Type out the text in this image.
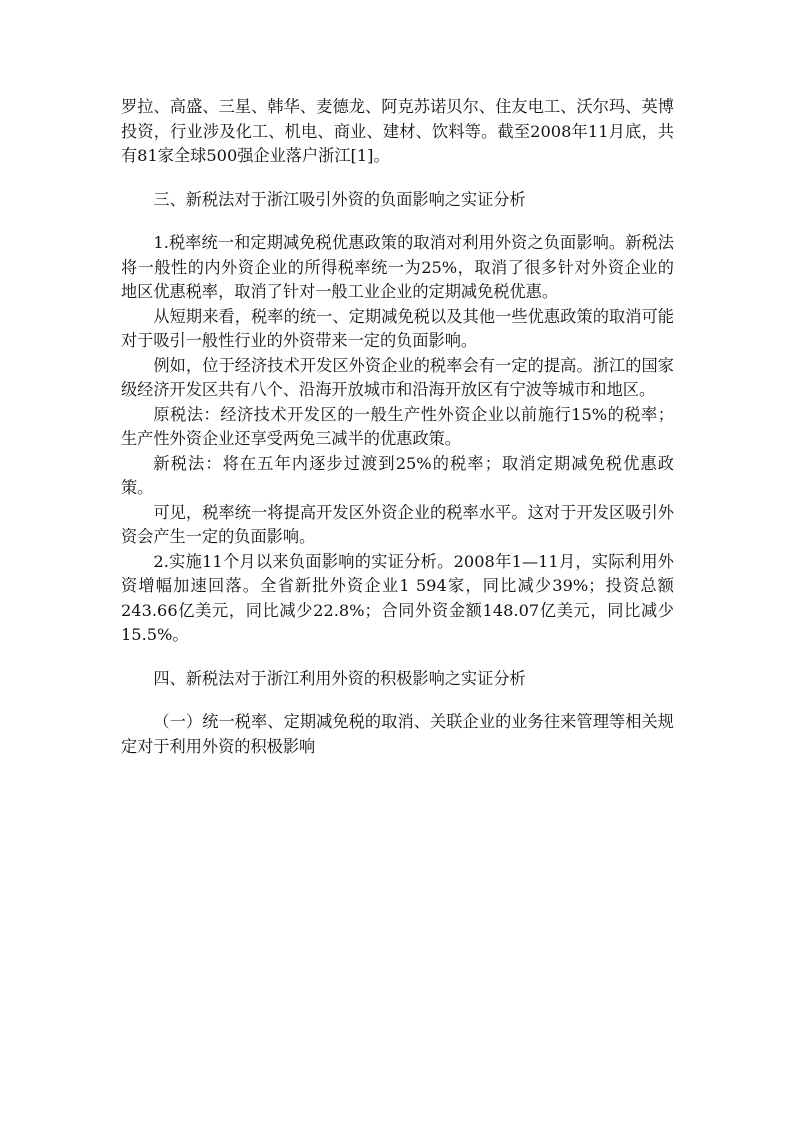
罗拉、高盛、三星、韩华、麦德龙、阿克苏诺贝尔、住友电工、沃尔玛、英博投资，行业涉及化工、机电、商业、建材、饮料等。截至2008年11月底，共有81家全球500强企业落户浙江[1]。

三、新税法对于浙江吸引外资的负面影响之实证分析

1.税率统一和定期减免税优惠政策的取消对利用外资之负面影响。新税法将一般性的内外资企业的所得税率统一为25%，取消了很多针对外资企业的地区优惠税率，取消了针对一般工业企业的定期减免税优惠。

从短期来看，税率的统一、定期减免税以及其他一些优惠政策的取消可能对于吸引一般性行业的外资带来一定的负面影响。

例如，位于经济技术开发区外资企业的税率会有一定的提高。浙江的国家级经济开发区共有八个、沿海开放城市和沿海开放区有宁波等城市和地区。

原税法：经济技术开发区的一般生产性外资企业以前施行15%的税率；生产性外资企业还享受两免三减半的优惠政策。

新税法：将在五年内逐步过渡到25%的税率；取消定期减免税优惠政策。

可见，税率统一将提高开发区外资企业的税率水平。这对于开发区吸引外资会产生一定的负面影响。

2.实施11个月以来负面影响的实证分析。2008年1—11月，实际利用外资增幅加速回落。全省新批外资企业1 594家，同比减少39%；投资总额243.66亿美元，同比减少22.8%；合同外资金额148.07亿美元，同比减少15.5%。

四、新税法对于浙江利用外资的积极影响之实证分析

（一）统一税率、定期减免税的取消、关联企业的业务往来管理等相关规定对于利用外资的积极影响
